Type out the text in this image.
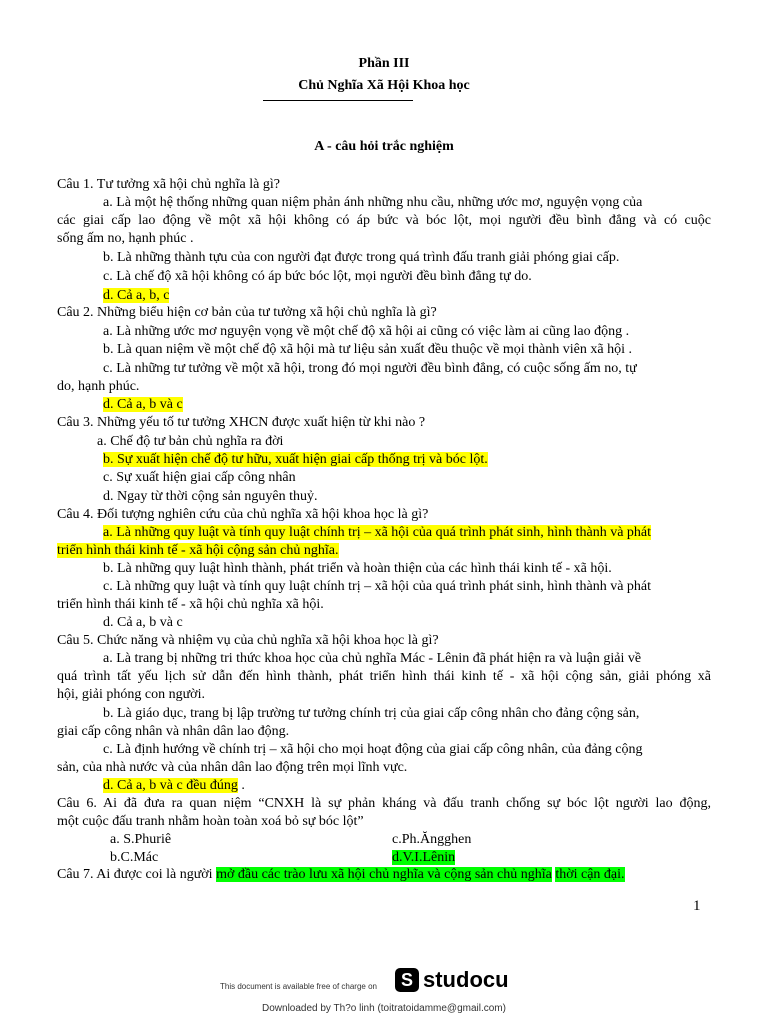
Phần III
Chủ Nghĩa Xã Hội Khoa học
A - câu hỏi trắc nghiệm
Câu 1. Tư tưởng xã hội chủ nghĩa là gì?
a. Là một hệ thống những quan niệm phản ánh những nhu cầu, những ước mơ, nguyện vọng của
các giai cấp lao động về một xã hội không có áp bức và bóc lột, mọi người đều bình đẳng và có cuộc
sống ấm no, hạnh phúc .
b. Là những thành tựu của con người đạt được trong quá trình đấu tranh giải phóng giai cấp.
c. Là chế độ xã hội không có áp bức bóc lột, mọi người đều bình đẳng tự do.
d. Cả a, b, c
Câu 2. Những biểu hiện cơ bản của tư tưởng xã hội chủ nghĩa là gì?
a. Là những ước mơ nguyện vọng về một chế độ xã hội ai cũng có việc làm ai cũng lao động .
b. Là quan niệm về một chế độ xã hội mà tư liệu sản xuất đều thuộc về mọi thành viên xã hội .
c. Là những tư tưởng về một xã hội, trong đó mọi người đều bình đẳng, có cuộc sống ấm no, tự
do, hạnh phúc.
d. Cả a, b và c
Câu 3. Những yếu tố tư tưởng XHCN được xuất hiện từ khi nào ?
a. Chế độ tư bản chủ nghĩa ra đời
b. Sự xuất hiện chế độ tư hữu, xuất hiện giai cấp thống trị và bóc lột.
c. Sự xuất hiện giai cấp công nhân
d. Ngay từ thời cộng sản nguyên thuỷ.
Câu 4. Đối tượng nghiên cứu của chủ nghĩa xã hội khoa học là gì?
a. Là những quy luật và tính quy luật chính trị – xã hội của quá trình phát sinh, hình thành và phát
triển hình thái kinh tế - xã hội cộng sản chủ nghĩa.
b. Là những quy luật hình thành, phát triển và hoàn thiện của các hình thái kinh tế - xã hội.
c. Là những quy luật và tính quy luật chính trị – xã hội của quá trình phát sinh, hình thành và phát
triển hình thái kinh tế - xã hội chủ nghĩa xã hội.
d. Cả a, b và c
Câu 5. Chức năng và nhiệm vụ của chủ nghĩa xã hội khoa học là gì?
a. Là trang bị những tri thức khoa học của chủ nghĩa Mác - Lênin đã phát hiện ra và luận giải về
quá trình tất yếu lịch sử dẫn đến hình thành, phát triển hình thái kinh tế - xã hội cộng sản, giải phóng xã
hội, giải phóng con người.
b. Là giáo dục, trang bị lập trường tư tưởng chính trị của giai cấp công nhân cho đảng cộng sản,
giai cấp công nhân và nhân dân lao động.
c. Là định hướng về chính trị – xã hội cho mọi hoạt động của giai cấp công nhân, của đảng cộng
sản, của nhà nước và của nhân dân lao động trên mọi lĩnh vực.
d. Cả a, b và c đều đúng .
Câu 6. Ai đã đưa ra quan niệm “CNXH là sự phản kháng và đấu tranh chống sự bóc lột người lao động,
một cuộc đấu tranh nhằm hoàn toàn xoá bỏ sự bóc lột”
a. S.Phuriê	c.Ph.Ăngghen
b.C.Mác	d.V.I.Lênin
Câu 7. Ai được coi là người mở đầu các trào lưu xã hội chủ nghĩa và cộng sản chủ nghĩa thời cận đại.
1
This document is available free of charge on	S studocu
Downloaded by Th?o linh (toitratoidamme@gmail.com)
